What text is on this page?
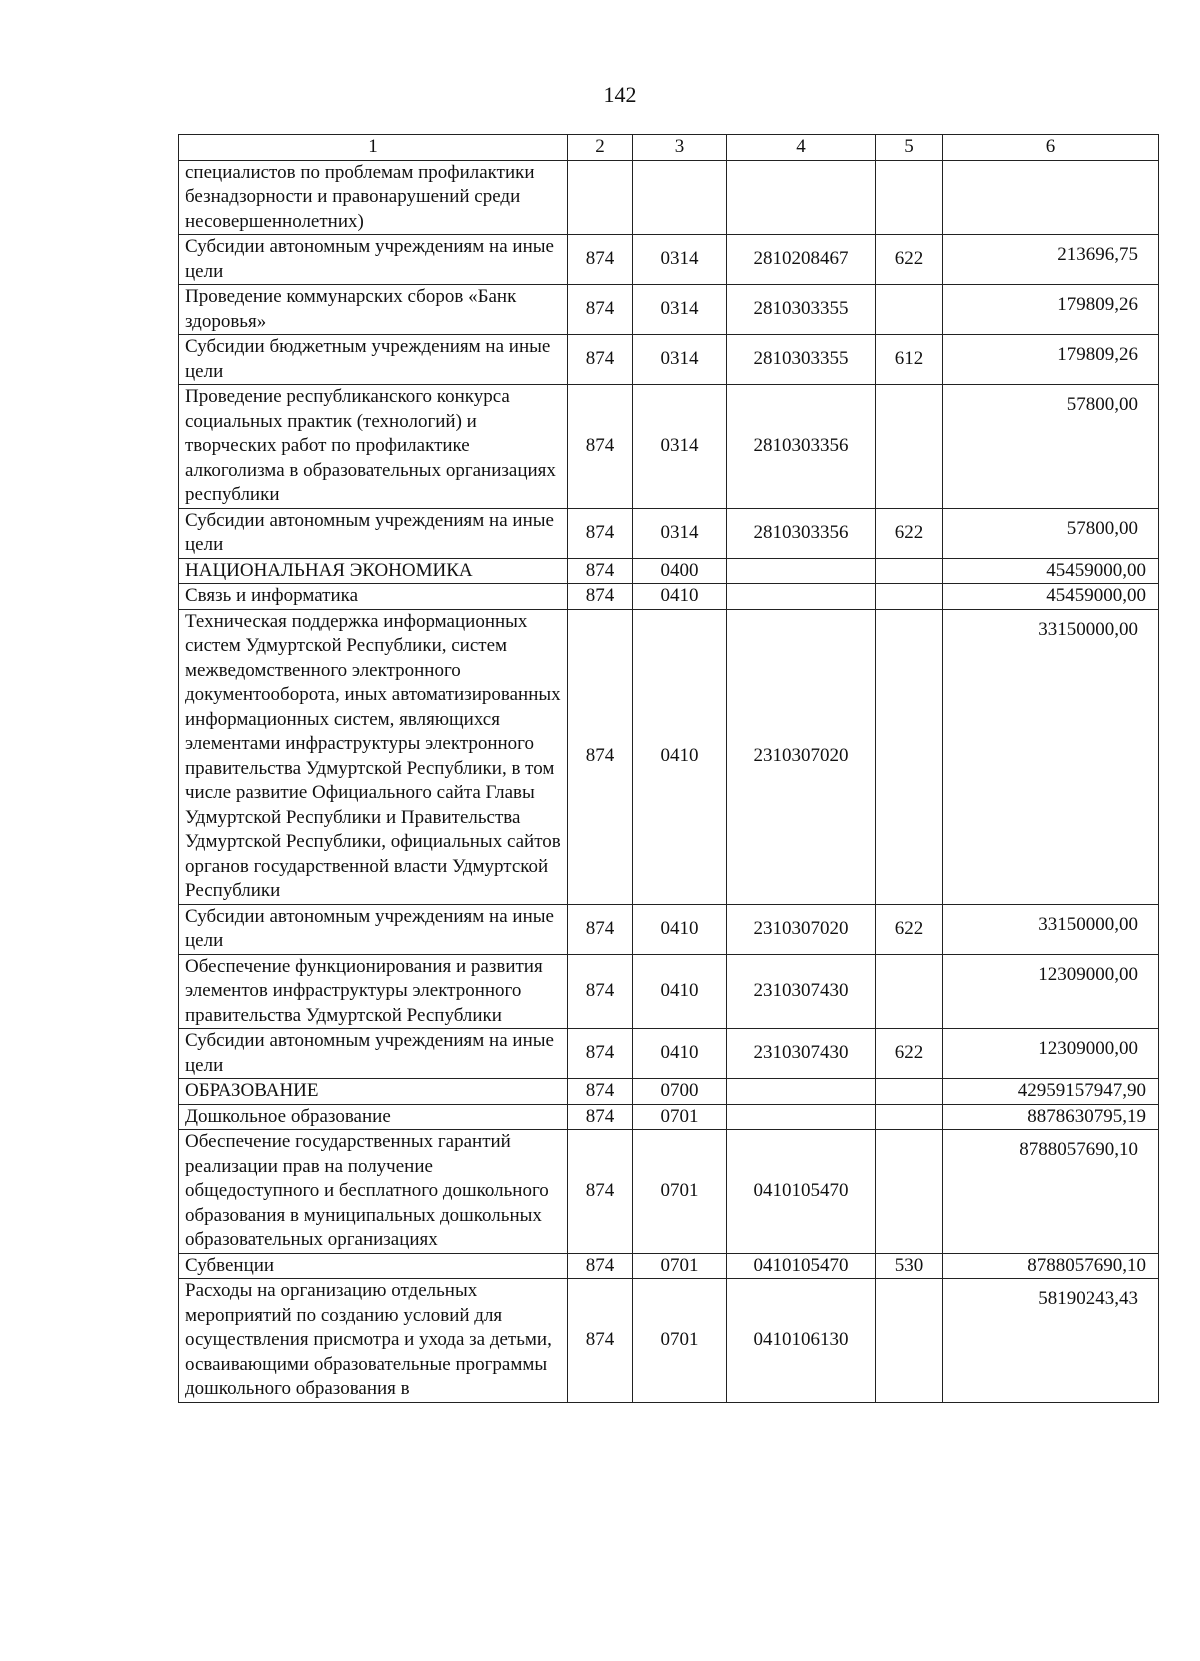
142
1	2	3	4	5	6
специалистов по проблемам профилактики безнадзорности и правонарушений среди несовершеннолетних)					
Субсидии автономным учреждениям на иные цели	874	0314	2810208467	622	213696,75
Проведение коммунарских сборов «Банк здоровья»	874	0314	2810303355		179809,26
Субсидии бюджетным учреждениям на иные цели	874	0314	2810303355	612	179809,26
Проведение республиканского конкурса социальных практик (технологий) и творческих работ по профилактике алкоголизма в образовательных организациях республики	874	0314	2810303356		57800,00
Субсидии автономным учреждениям на иные цели	874	0314	2810303356	622	57800,00
НАЦИОНАЛЬНАЯ ЭКОНОМИКА	874	0400			45459000,00
Связь и информатика	874	0410			45459000,00
Техническая поддержка информационных систем Удмуртской Республики, систем межведомственного электронного документооборота, иных автоматизированных информационных систем, являющихся элементами инфраструктуры электронного правительства Удмуртской Республики, в том числе развитие Официального сайта Главы Удмуртской Республики и Правительства Удмуртской Республики, официальных сайтов органов государственной власти Удмуртской Республики	874	0410	2310307020		33150000,00
Субсидии автономным учреждениям на иные цели	874	0410	2310307020	622	33150000,00
Обеспечение функционирования и развития элементов инфраструктуры электронного правительства Удмуртской Республики	874	0410	2310307430		12309000,00
Субсидии автономным учреждениям на иные цели	874	0410	2310307430	622	12309000,00
ОБРАЗОВАНИЕ	874	0700			42959157947,90
Дошкольное образование	874	0701			8878630795,19
Обеспечение государственных гарантий реализации прав на получение общедоступного и бесплатного дошкольного образования в муниципальных дошкольных образовательных организациях	874	0701	0410105470		8788057690,10
Субвенции	874	0701	0410105470	530	8788057690,10
Расходы на организацию отдельных мероприятий по созданию условий для осуществления присмотра и ухода за детьми, осваивающими образовательные программы дошкольного образования в	874	0701	0410106130		58190243,43
